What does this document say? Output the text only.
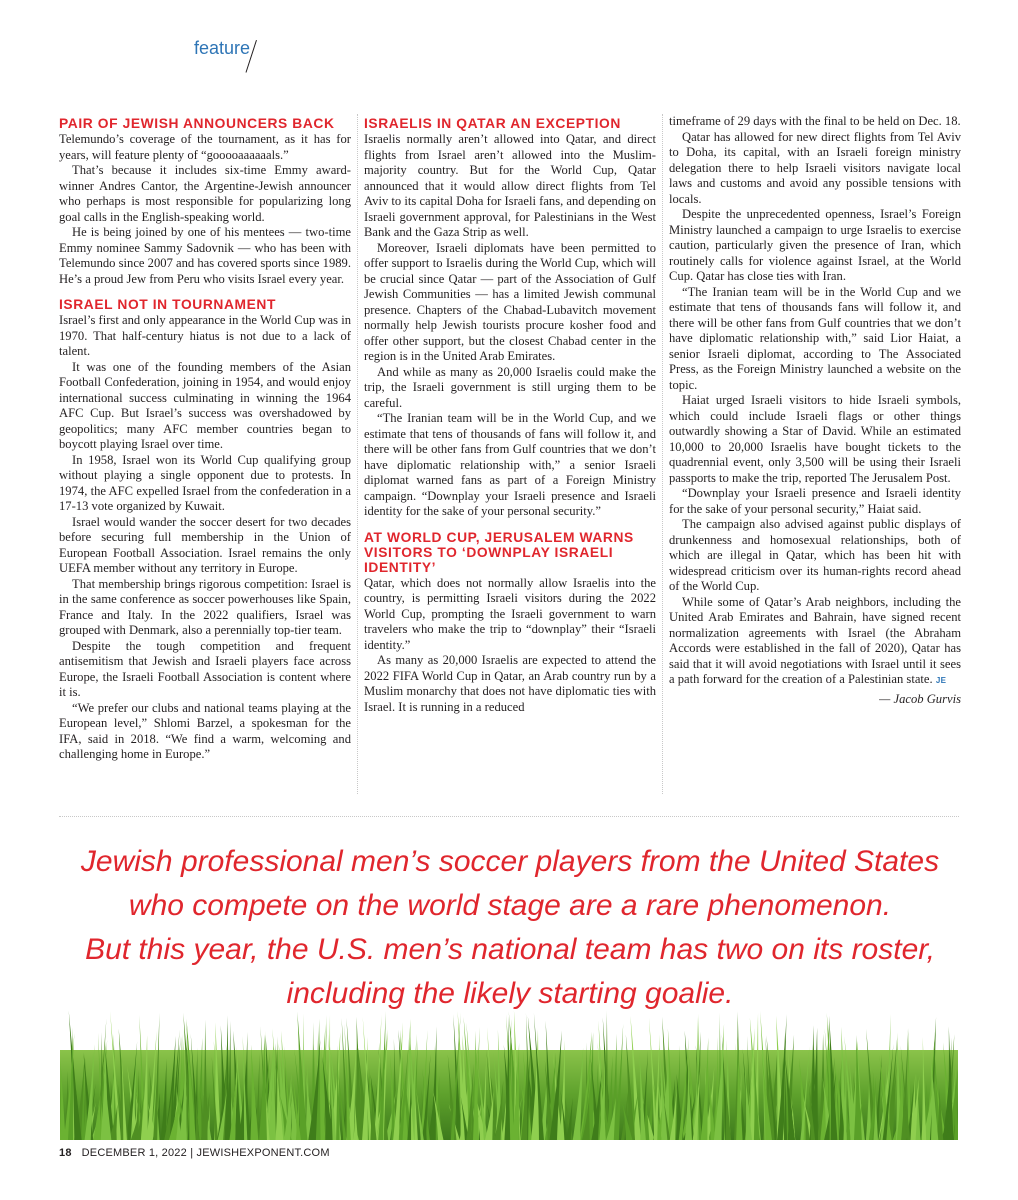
feature
PAIR OF JEWISH ANNOUNCERS BACK

Telemundo’s coverage of the tournament, as it has for years, will feature plenty of “gooooaaaaaals.”

That’s because it includes six-time Emmy award-winner Andres Cantor, the Argentine-Jewish announcer who perhaps is most responsible for popularizing long goal calls in the English-speaking world.

He is being joined by one of his mentees — two-time Emmy nominee Sammy Sadovnik — who has been with Telemundo since 2007 and has covered sports since 1989. He’s a proud Jew from Peru who visits Israel every year.

ISRAEL NOT IN TOURNAMENT

Israel’s first and only appearance in the World Cup was in 1970. That half-century hiatus is not due to a lack of talent.

It was one of the founding members of the Asian Football Confederation, joining in 1954, and would enjoy international success culminating in winning the 1964 AFC Cup. But Israel’s success was overshadowed by geopolitics; many AFC member countries began to boycott playing Israel over time.

In 1958, Israel won its World Cup qualifying group without playing a single opponent due to protests. In 1974, the AFC expelled Israel from the confederation in a 17-13 vote organized by Kuwait.

Israel would wander the soccer desert for two decades before securing full membership in the Union of European Football Association. Israel remains the only UEFA member without any territory in Europe.

That membership brings rigorous competition: Israel is in the same conference as soccer powerhouses like Spain, France and Italy. In the 2022 qualifiers, Israel was grouped with Denmark, also a perennially top-tier team.

Despite the tough competition and frequent antisemitism that Jewish and Israeli players face across Europe, the Israeli Football Association is content where it is.

“We prefer our clubs and national teams playing at the European level,” Shlomi Barzel, a spokesman for the IFA, said in 2018. “We find a warm, welcoming and challenging home in Europe.”

ISRAELIS IN QATAR AN EXCEPTION

Israelis normally aren’t allowed into Qatar, and direct flights from Israel aren’t allowed into the Muslim-majority country. But for the World Cup, Qatar announced that it would allow direct flights from Tel Aviv to its capital Doha for Israeli fans, and depending on Israeli government approval, for Palestinians in the West Bank and the Gaza Strip as well.

Moreover, Israeli diplomats have been permitted to offer support to Israelis during the World Cup, which will be crucial since Qatar — part of the Association of Gulf Jewish Communities — has a limited Jewish communal presence. Chapters of the Chabad-Lubavitch movement normally help Jewish tourists procure kosher food and offer other support, but the closest Chabad center in the region is in the United Arab Emirates.

And while as many as 20,000 Israelis could make the trip, the Israeli government is still urging them to be careful.

“The Iranian team will be in the World Cup, and we estimate that tens of thousands of fans will follow it, and there will be other fans from Gulf countries that we don’t have diplomatic relationship with,” a senior Israeli diplomat warned fans as part of a Foreign Ministry campaign. “Downplay your Israeli presence and Israeli identity for the sake of your personal security.”

AT WORLD CUP, JERUSALEM WARNS VISITORS TO ‘DOWNPLAY ISRAELI IDENTITY’

Qatar, which does not normally allow Israelis into the country, is permitting Israeli visitors during the 2022 World Cup, prompting the Israeli government to warn travelers who make the trip to “downplay” their “Israeli identity.”

As many as 20,000 Israelis are expected to attend the 2022 FIFA World Cup in Qatar, an Arab country run by a Muslim monarchy that does not have diplomatic ties with Israel. It is running in a reduced

timeframe of 29 days with the final to be held on Dec. 18.

Qatar has allowed for new direct flights from Tel Aviv to Doha, its capital, with an Israeli foreign ministry delegation there to help Israeli visitors navigate local laws and customs and avoid any possible tensions with locals.

Despite the unprecedented openness, Israel’s Foreign Ministry launched a campaign to urge Israelis to exercise caution, particularly given the presence of Iran, which routinely calls for violence against Israel, at the World Cup. Qatar has close ties with Iran.

“The Iranian team will be in the World Cup and we estimate that tens of thousands fans will follow it, and there will be other fans from Gulf countries that we don’t have diplomatic relationship with,” said Lior Haiat, a senior Israeli diplomat, according to The Associated Press, as the Foreign Ministry launched a website on the topic.

Haiat urged Israeli visitors to hide Israeli symbols, which could include Israeli flags or other things outwardly showing a Star of David. While an estimated 10,000 to 20,000 Israelis have bought tickets to the quadrennial event, only 3,500 will be using their Israeli passports to make the trip, reported The Jerusalem Post.

“Downplay your Israeli presence and Israeli identity for the sake of your personal security,” Haiat said.

The campaign also advised against public displays of drunkenness and homosexual relationships, both of which are illegal in Qatar, which has been hit with widespread criticism over its human-rights record ahead of the World Cup.

While some of Qatar’s Arab neighbors, including the United Arab Emirates and Bahrain, have signed recent normalization agreements with Israel (the Abraham Accords were established in the fall of 2020), Qatar has said that it will avoid negotiations with Israel until it sees a path forward for the creation of a Palestinian state. JE

— Jacob Gurvis
Jewish professional men’s soccer players from the United States
who compete on the world stage are a rare phenomenon.
But this year, the U.S. men’s national team has two on its roster,
including the likely starting goalie.
18 DECEMBER 1, 2022 | JEWISHEXPONENT.COM
